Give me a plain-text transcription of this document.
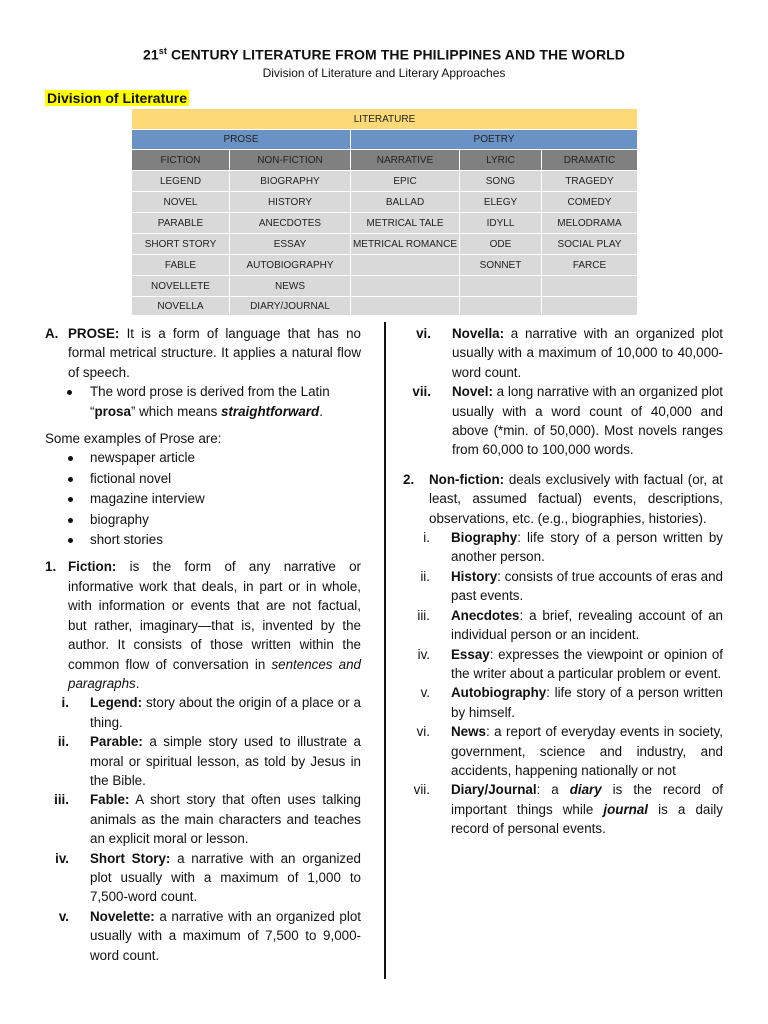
21st CENTURY LITERATURE FROM THE PHILIPPINES AND THE WORLD
Division of Literature and Literary Approaches
Division of Literature
LITERATURE				
PROSE		POETRY		
FICTION	NON-FICTION	NARRATIVE	LYRIC	DRAMATIC
LEGEND	BIOGRAPHY	EPIC	SONG	TRAGEDY
NOVEL	HISTORY	BALLAD	ELEGY	COMEDY
PARABLE	ANECDOTES	METRICAL TALE	IDYLL	MELODRAMA
SHORT STORY	ESSAY	METRICAL ROMANCE	ODE	SOCIAL PLAY
FABLE	AUTOBIOGRAPHY		SONNET	FARCE
NOVELLETE	NEWS			
NOVELLA	DIARY/JOURNAL			

A. PROSE: It is a form of language that has no formal metrical structure. It applies a natural flow of speech.

The word prose is derived from the Latin “prosa” which means straightforward.

Some examples of Prose are:

newspaper article
fictional novel
magazine interview
biography
short stories

1. Fiction: is the form of any narrative or informative work that deals, in part or in whole, with information or events that are not factual, but rather, imaginary—that is, invented by the author. It consists of those written within the common flow of conversation in sentences and paragraphs.

i. Legend: story about the origin of a place or a thing.

ii. Parable: a simple story used to illustrate a moral or spiritual lesson, as told by Jesus in the Bible.

iii. Fable: A short story that often uses talking animals as the main characters and teaches an explicit moral or lesson.

iv. Short Story: a narrative with an organized plot usually with a maximum of 1,000 to 7,500-word count.

v. Novelette: a narrative with an organized plot usually with a maximum of 7,500 to 9,000-word count.

vi. Novella: a narrative with an organized plot usually with a maximum of 10,000 to 40,000-word count.

vii. Novel: a long narrative with an organized plot usually with a word count of 40,000 and above (*min. of 50,000). Most novels ranges from 60,000 to 100,000 words.

2. Non-fiction: deals exclusively with factual (or, at least, assumed factual) events, descriptions, observations, etc. (e.g., biographies, histories).

i. Biography: life story of a person written by another person.

ii. History: consists of true accounts of eras and past events.

iii. Anecdotes: a brief, revealing account of an individual person or an incident.

iv. Essay: expresses the viewpoint or opinion of the writer about a particular problem or event.

v. Autobiography: life story of a person written by himself.

vi. News: a report of everyday events in society, government, science and industry, and accidents, happening nationally or not

vii. Diary/Journal: a diary is the record of important things while journal is a daily record of personal events.
